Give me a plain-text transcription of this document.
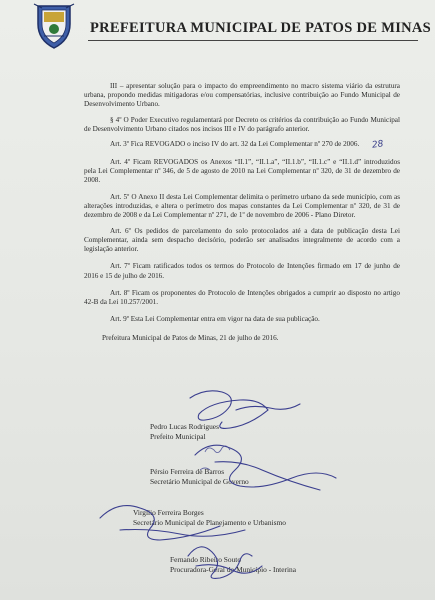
PREFEITURA MUNICIPAL DE PATOS DE MINAS

III – apresentar solução para o impacto do empreendimento no macro sistema viário da estrutura urbana, propondo medidas mitigadoras e/ou compensatórias, inclusive contribuição ao Fundo Municipal de Desenvolvimento Urbano.

§ 4º O Poder Executivo regulamentará por Decreto os critérios da contribuição ao Fundo Municipal de Desenvolvimento Urbano citados nos incisos III e IV do parágrafo anterior.

Art. 3º Fica REVOGADO o inciso IV do art. 32 da Lei Complementar nº 270 de 2006.

Art. 4º Ficam REVOGADOS os Anexos “II.1”, “II.1.a”, “II.1.b”, “II.1.c” e “II.1.d” introduzidos pela Lei Complementar nº 346, de 5 de agosto de 2010 na Lei Complementar nº 320, de 31 de dezembro de 2008.

Art. 5º O Anexo II desta Lei Complementar delimita o perímetro urbano da sede município, com as alterações introduzidas, e altera o perímetro dos mapas constantes da Lei Complementar nº 320, de 31 de dezembro de 2008 e da Lei Complementar nº 271, de 1º de novembro de 2006 - Plano Diretor.

Art. 6º Os pedidos de parcelamento do solo protocolados até a data de publicação desta Lei Complementar, ainda sem despacho decisório, poderão ser analisados integralmente de acordo com a legislação anterior.

Art. 7º Ficam ratificados todos os termos do Protocolo de Intenções firmado em 17 de junho de 2016 e 15 de julho de 2016.

Art. 8º Ficam os proponentes do Protocolo de Intenções obrigados a cumprir ao disposto no artigo 42-B da Lei 10.257/2001.

Art. 9º Esta Lei Complementar entra em vigor na data de sua publicação.

Prefeitura Municipal de Patos de Minas, 21 de julho de 2016.

28
Pedro Lucas Rodrigues
Prefeito Municipal
Pérsio Ferreira de Barros
Secretário Municipal de Governo
Virgílio Ferreira Borges
Secretário Municipal de Planejamento e Urbanismo
Fernando Ribeiro Souto
Procuradora-Geral do Município - Interina
